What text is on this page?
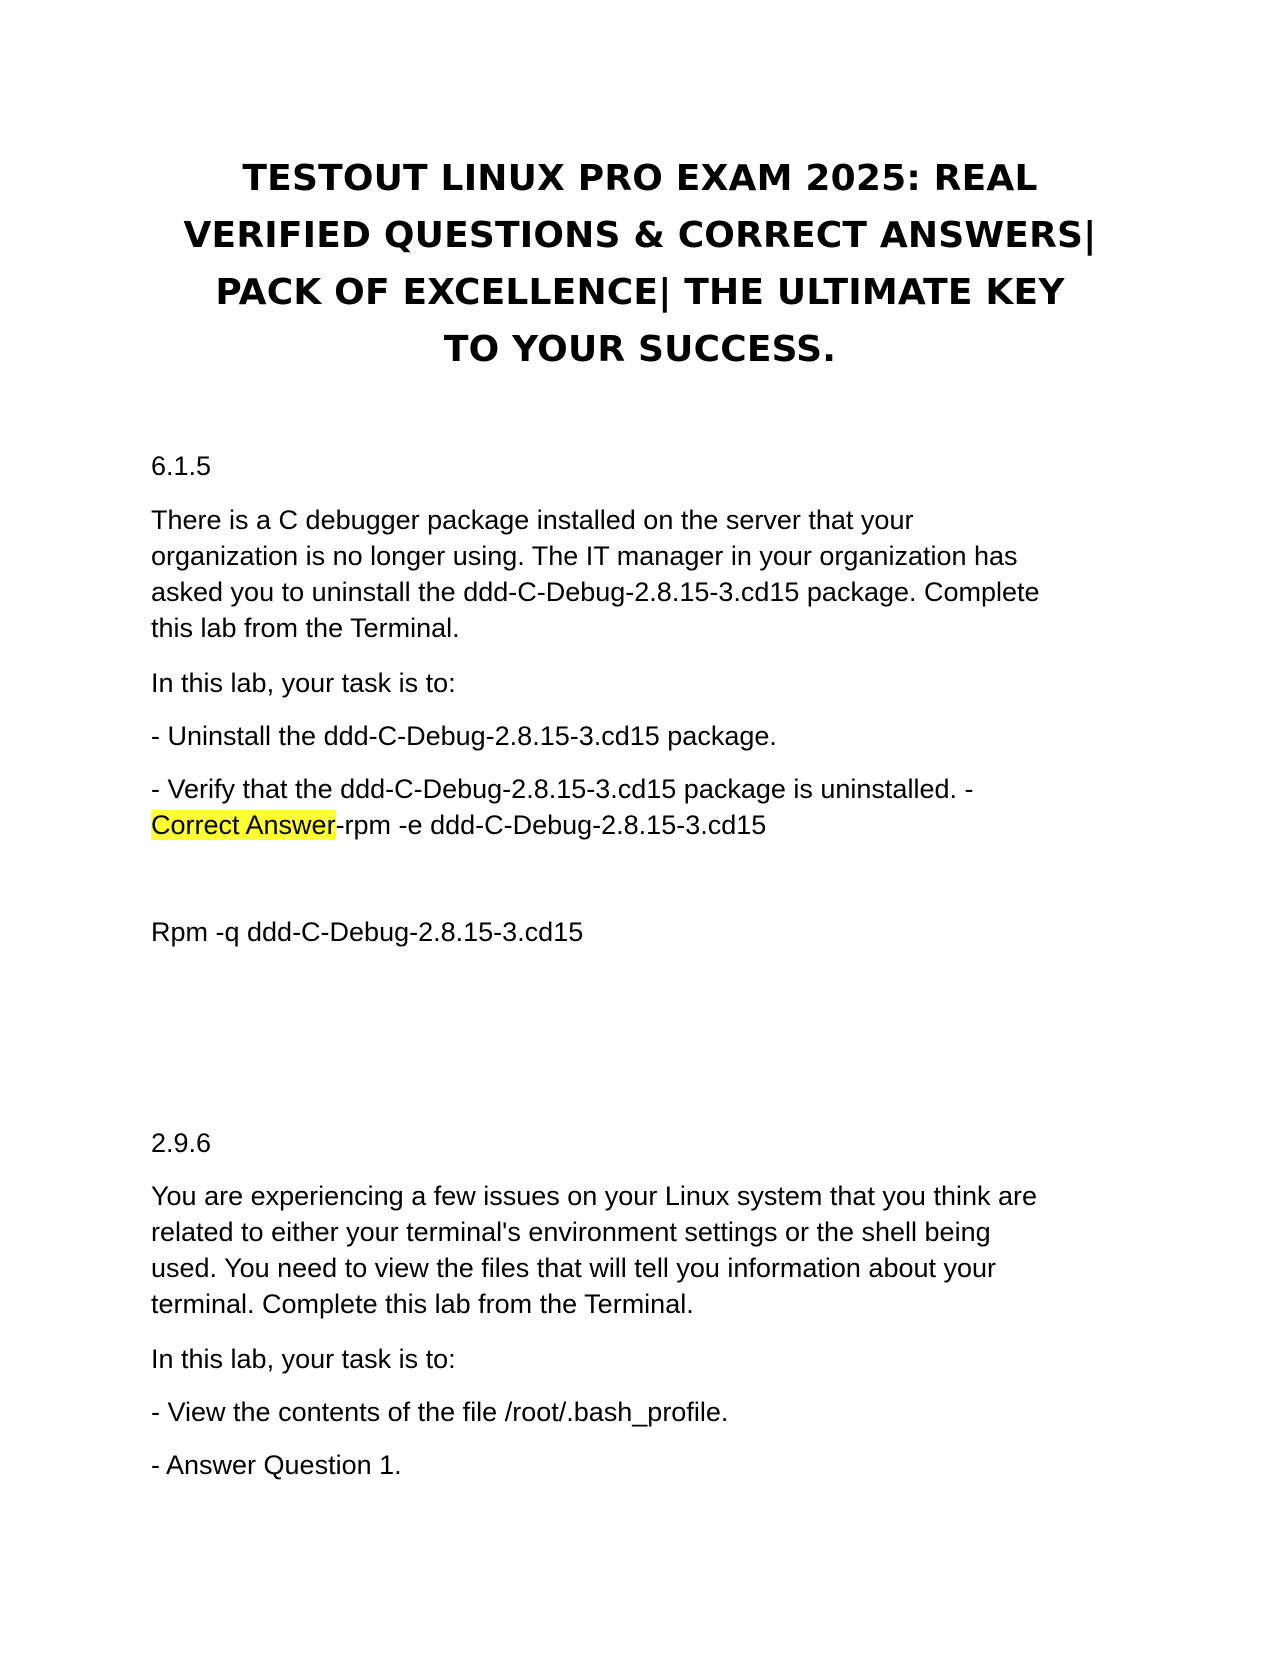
TESTOUT LINUX PRO EXAM 2025: REAL
VERIFIED QUESTIONS & CORRECT ANSWERS|
PACK OF EXCELLENCE| THE ULTIMATE KEY
TO YOUR SUCCESS.

6.1.5

There is a C debugger package installed on the server that your
organization is no longer using. The IT manager in your organization has
asked you to uninstall the ddd-C-Debug-2.8.15-3.cd15 package. Complete
this lab from the Terminal.

In this lab, your task is to:

- Uninstall the ddd-C-Debug-2.8.15-3.cd15 package.

- Verify that the ddd-C-Debug-2.8.15-3.cd15 package is uninstalled. -
Correct Answer-rpm -e ddd-C-Debug-2.8.15-3.cd15

Rpm -q ddd-C-Debug-2.8.15-3.cd15

2.9.6

You are experiencing a few issues on your Linux system that you think are
related to either your terminal's environment settings or the shell being
used. You need to view the files that will tell you information about your
terminal. Complete this lab from the Terminal.

In this lab, your task is to:

- View the contents of the file /root/.bash_profile.

- Answer Question 1.
